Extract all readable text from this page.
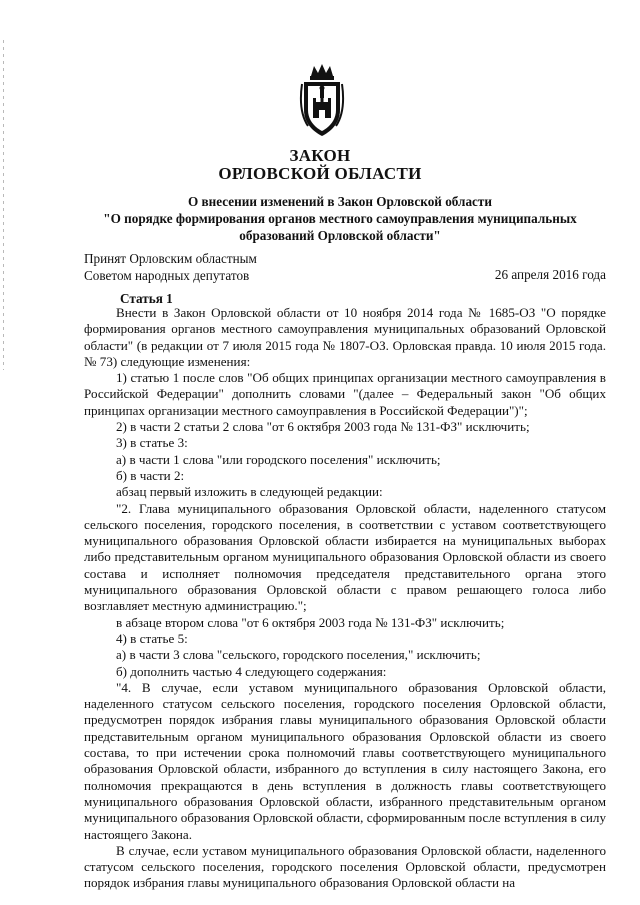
ЗАКОН
ОРЛОВСКОЙ ОБЛАСТИ
О внесении изменений в Закон Орловской области
"О порядке формирования органов местного самоуправления муниципальных
образований Орловской области"
Принят Орловским областным
Советом народных депутатов	26 апреля 2016 года
Статья 1

Внести в Закон Орловской области от 10 ноября 2014 года № 1685-ОЗ "О порядке формирования органов местного самоуправления муниципальных образований Орловской области" (в редакции от 7 июля 2015 года № 1807-ОЗ. Орловская правда. 10 июля 2015 года. № 73) следующие изменения:

1) статью 1 после слов "Об общих принципах организации местного самоуправления в Российской Федерации" дополнить словами "(далее – Федеральный закон "Об общих принципах организации местного самоуправления в Российской Федерации")";

2) в части 2 статьи 2 слова "от 6 октября 2003 года № 131-ФЗ" исключить;

3) в статье 3:

а) в части 1 слова "или городского поселения" исключить;

б) в части 2:

абзац первый изложить в следующей редакции:

"2. Глава муниципального образования Орловской области, наделенного статусом сельского поселения, городского поселения, в соответствии с уставом соответствующего муниципального образования Орловской области избирается на муниципальных выборах либо представительным органом муниципального образования Орловской области из своего состава и исполняет полномочия председателя представительного органа этого муниципального образования Орловской области с правом решающего голоса либо возглавляет местную администрацию.";

в абзаце втором слова "от 6 октября 2003 года № 131-ФЗ" исключить;

4) в статье 5:

а) в части 3 слова "сельского, городского поселения," исключить;

б) дополнить частью 4 следующего содержания:

"4. В случае, если уставом муниципального образования Орловской области, наделенного статусом сельского поселения, городского поселения Орловской области, предусмотрен порядок избрания главы муниципального образования Орловской области представительным органом муниципального образования Орловской области из своего состава, то при истечении срока полномочий главы соответствующего муниципального образования Орловской области, избранного до вступления в силу настоящего Закона, его полномочия прекращаются в день вступления в должность главы соответствующего муниципального образования Орловской области, избранного представительным органом муниципального образования Орловской области, сформированным после вступления в силу настоящего Закона.

В случае, если уставом муниципального образования Орловской области, наделенного статусом сельского поселения, городского поселения Орловской области, предусмотрен порядок избрания главы муниципального образования Орловской области на
